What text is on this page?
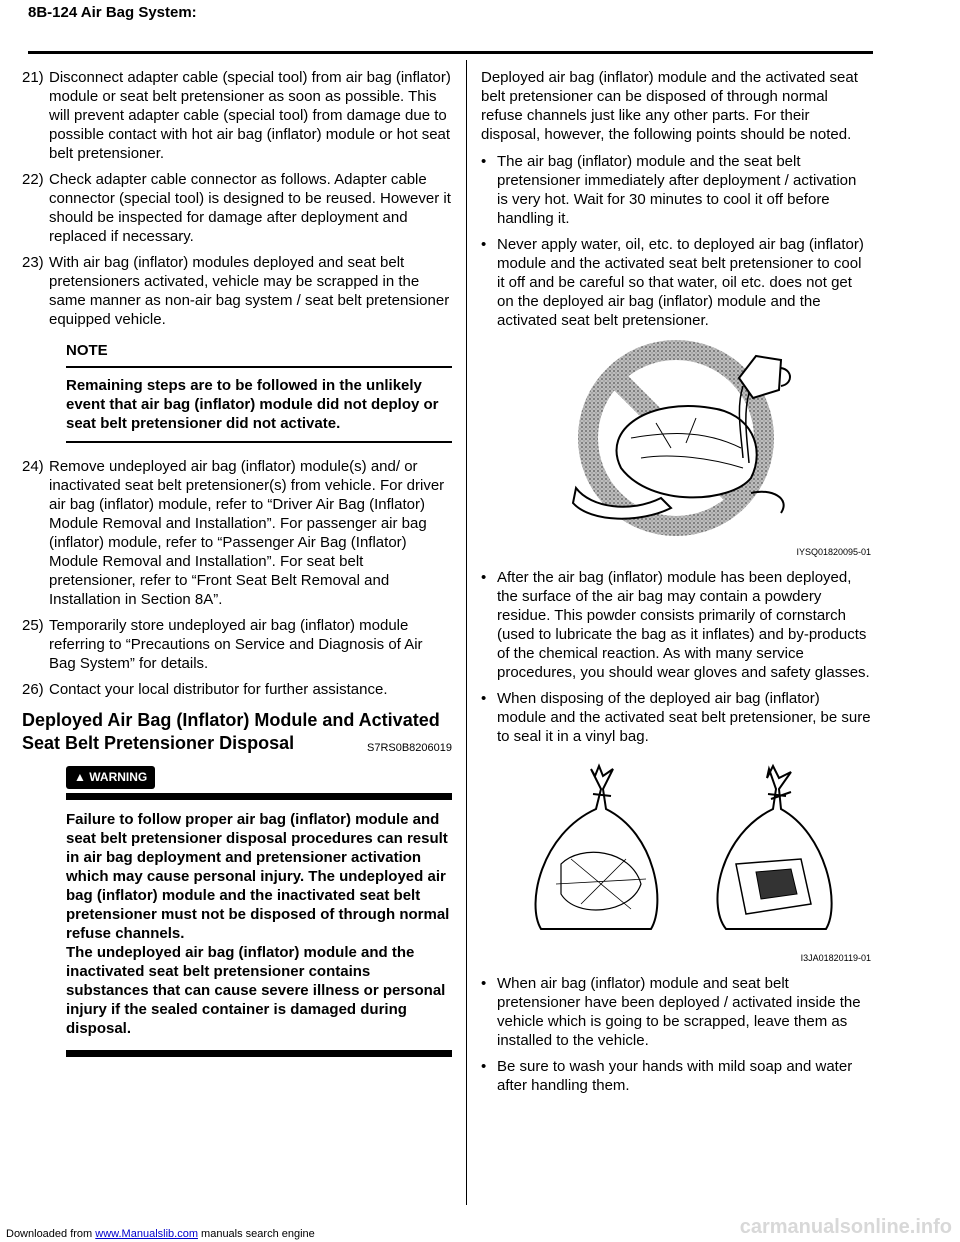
8B-124 Air Bag System:
21) Disconnect adapter cable (special tool) from air bag (inflator) module or seat belt pretensioner as soon as possible. This will prevent adapter cable (special tool) from damage due to possible contact with hot air bag (inflator) module or hot seat belt pretensioner.
22) Check adapter cable connector as follows. Adapter cable connector (special tool) is designed to be reused. However it should be inspected for damage after deployment and replaced if necessary.
23) With air bag (inflator) modules deployed and seat belt pretensioners activated, vehicle may be scrapped in the same manner as non-air bag system / seat belt pretensioner equipped vehicle.
NOTE
Remaining steps are to be followed in the unlikely event that air bag (inflator) module did not deploy or seat belt pretensioner did not activate.
24) Remove undeployed air bag (inflator) module(s) and/ or inactivated seat belt pretensioner(s) from vehicle. For driver air bag (inflator) module, refer to “Driver Air Bag (Inflator) Module Removal and Installation”. For passenger air bag (inflator) module, refer to “Passenger Air Bag (Inflator) Module Removal and Installation”. For seat belt pretensioner, refer to “Front Seat Belt Removal and Installation in Section 8A”.
25) Temporarily store undeployed air bag (inflator) module referring to “Precautions on Service and Diagnosis of Air Bag System” for details.
26) Contact your local distributor for further assistance.
Deployed Air Bag (Inflator) Module and Activated Seat Belt Pretensioner Disposal	S7RS0B8206019
▲ WARNING
Failure to follow proper air bag (inflator) module and seat belt pretensioner disposal procedures can result in air bag deployment and pretensioner activation which may cause personal injury. The undeployed air bag (inflator) module and the inactivated seat belt pretensioner must not be disposed of through normal refuse channels.
The undeployed air bag (inflator) module and the inactivated seat belt pretensioner contains substances that can cause severe illness or personal injury if the sealed container is damaged during disposal.
Deployed air bag (inflator) module and the activated seat belt pretensioner can be disposed of through normal refuse channels just like any other parts. For their disposal, however, the following points should be noted.
• The air bag (inflator) module and the seat belt pretensioner immediately after deployment / activation is very hot. Wait for 30 minutes to cool it off before handling it.
• Never apply water, oil, etc. to deployed air bag (inflator) module and the activated seat belt pretensioner to cool it off and be careful so that water, oil etc. does not get on the deployed air bag (inflator) module and the activated seat belt pretensioner.
IYSQ01820095-01
• After the air bag (inflator) module has been deployed, the surface of the air bag may contain a powdery residue. This powder consists primarily of cornstarch (used to lubricate the bag as it inflates) and by-products of the chemical reaction. As with many service procedures, you should wear gloves and safety glasses.
• When disposing of the deployed air bag (inflator) module and the activated seat belt pretensioner, be sure to seal it in a vinyl bag.
I3JA01820119-01
• When air bag (inflator) module and seat belt pretensioner have been deployed / activated inside the vehicle which is going to be scrapped, leave them as installed to the vehicle.
• Be sure to wash your hands with mild soap and water after handling them.
Downloaded from www.Manualslib.com manuals search engine	carmanualsonline.info
